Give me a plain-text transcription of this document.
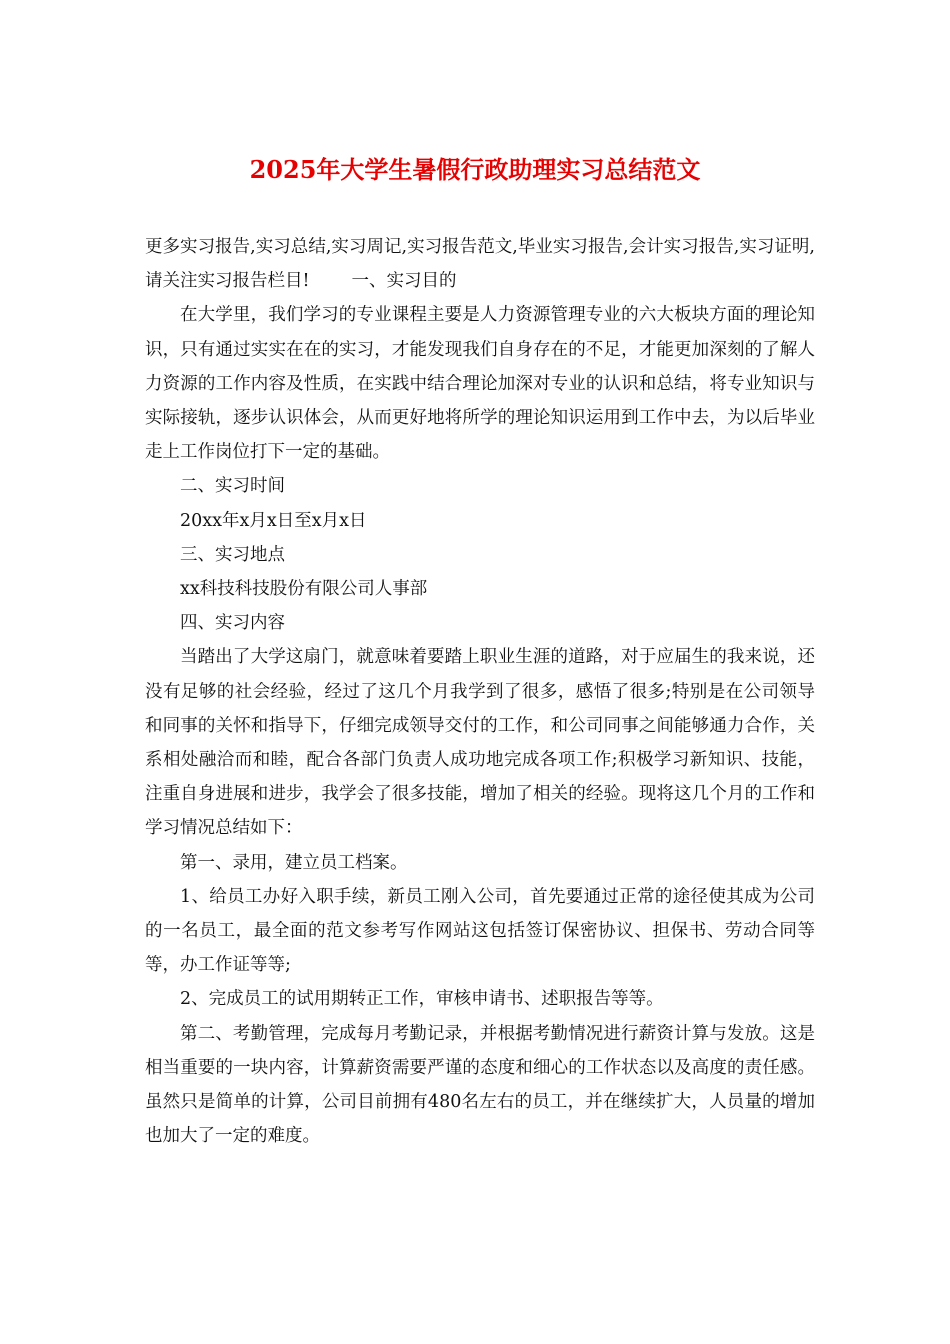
2025年大学生暑假行政助理实习总结范文

更多实习报告,实习总结,实习周记,实习报告范文,毕业实习报告,会计实习报告,实习证明,请关注实习报告栏目! 一、实习目的

在大学里，我们学习的专业课程主要是人力资源管理专业的六大板块方面的理论知识，只有通过实实在在的实习，才能发现我们自身存在的不足，才能更加深刻的了解人力资源的工作内容及性质，在实践中结合理论加深对专业的认识和总结，将专业知识与实际接轨，逐步认识体会，从而更好地将所学的理论知识运用到工作中去，为以后毕业走上工作岗位打下一定的基础。

二、实习时间

20xx年x月x日至x月x日

三、实习地点

xx科技科技股份有限公司人事部

四、实习内容

当踏出了大学这扇门，就意味着要踏上职业生涯的道路，对于应届生的我来说，还没有足够的社会经验，经过了这几个月我学到了很多，感悟了很多;特别是在公司领导和同事的关怀和指导下，仔细完成领导交付的工作，和公司同事之间能够通力合作，关系相处融洽而和睦，配合各部门负责人成功地完成各项工作;积极学习新知识、技能，注重自身进展和进步，我学会了很多技能，增加了相关的经验。现将这几个月的工作和学习情况总结如下：

第一、录用，建立员工档案。

1、给员工办好入职手续，新员工刚入公司，首先要通过正常的途径使其成为公司的一名员工，最全面的范文参考写作网站这包括签订保密协议、担保书、劳动合同等等，办工作证等等;

2、完成员工的试用期转正工作，审核申请书、述职报告等等。

第二、考勤管理，完成每月考勤记录，并根据考勤情况进行薪资计算与发放。这是相当重要的一块内容，计算薪资需要严谨的态度和细心的工作状态以及高度的责任感。虽然只是简单的计算，公司目前拥有480名左右的员工，并在继续扩大，人员量的增加也加大了一定的难度。
